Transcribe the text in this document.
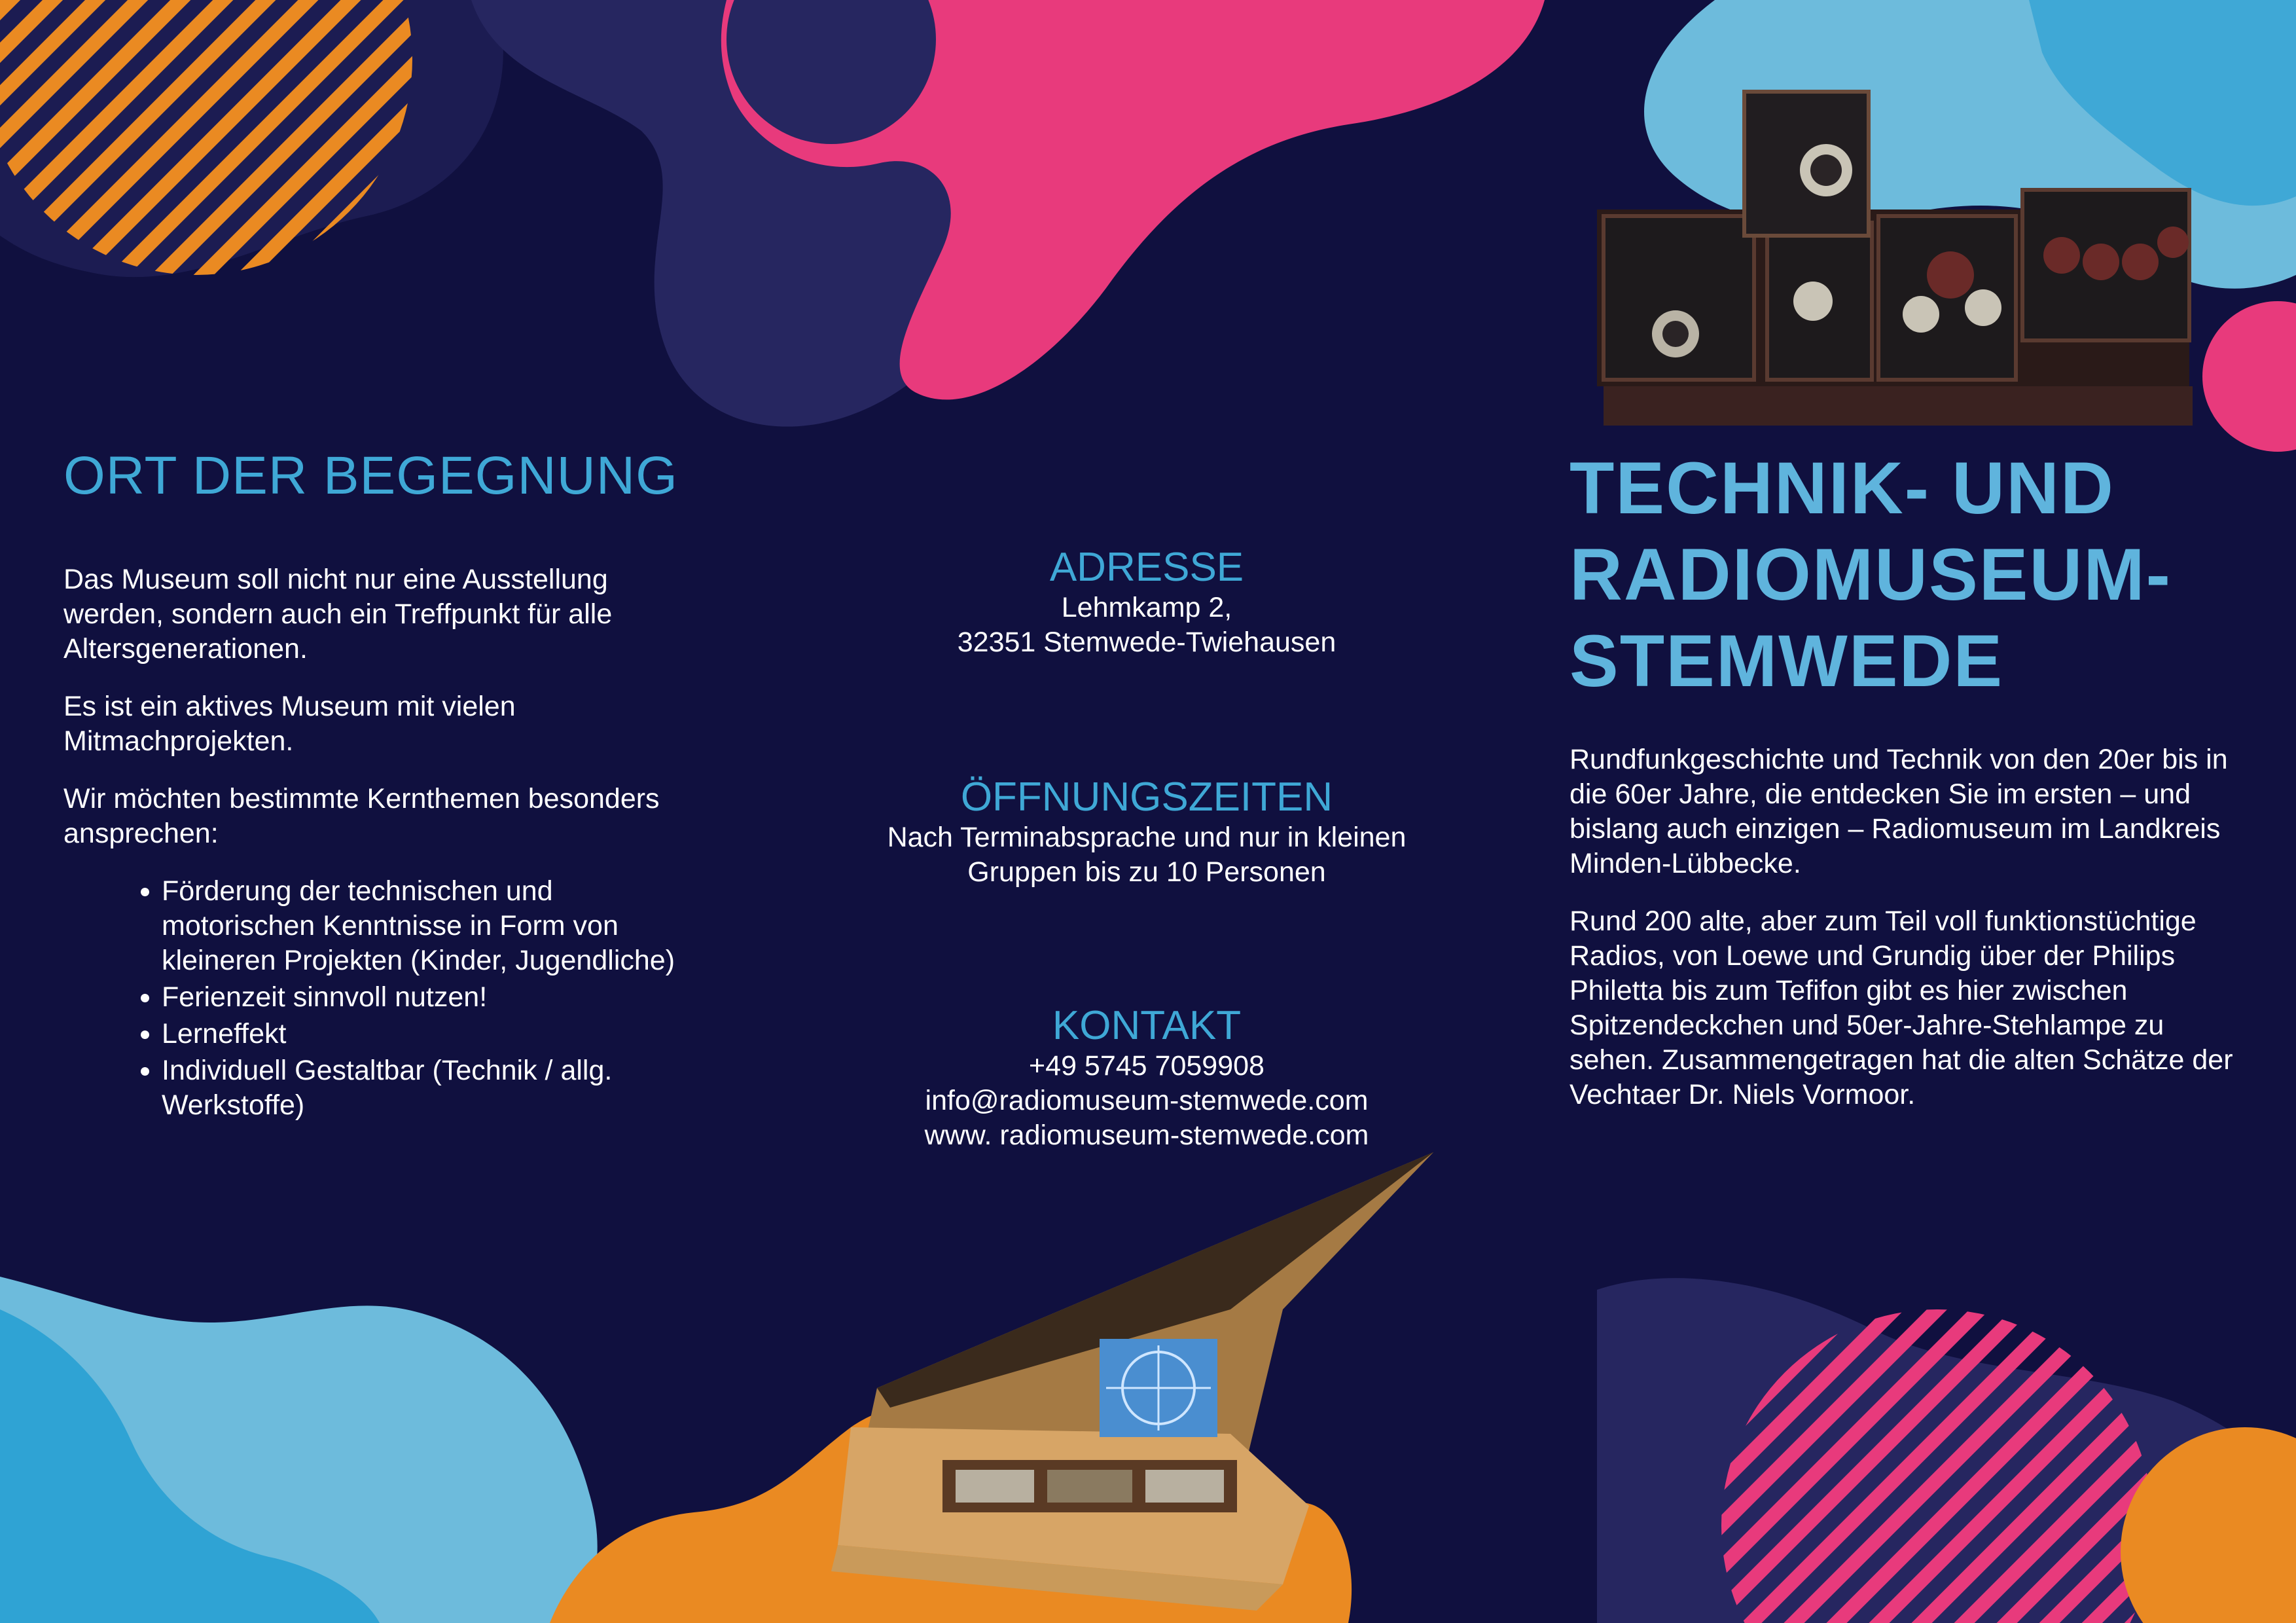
ORT DER BEGEGNUNG

Das Museum soll nicht nur eine Ausstellung werden, sondern auch ein Treffpunkt für alle Altersgenerationen.

Es ist ein aktives Museum mit vielen Mitmachprojekten.

Wir möchten bestimmte Kernthemen besonders ansprechen:

• Förderung der technischen und motorischen Kenntnisse in Form von kleineren Projekten (Kinder, Jugendliche)
• Ferienzeit sinnvoll nutzen!
• Lerneffekt
• Individuell Gestaltbar (Technik / allg. Werkstoffe)
ADRESSE
Lehmkamp 2,
32351 Stemwede-Twiehausen
ÖFFNUNGSZEITEN
Nach Terminabsprache und nur in kleinen
Gruppen bis zu 10 Personen
KONTAKT
+49 5745 7059908
info@radiomuseum-stemwede.com
www. radiomuseum-stemwede.com
TECHNIK- UND
RADIOMUSEUM-
STEMWEDE

Rundfunkgeschichte und Technik von den 20er bis in die 60er Jahre, die entdecken Sie im ersten – und bislang auch einzigen – Radiomuseum im Landkreis Minden-Lübbecke.

Rund 200 alte, aber zum Teil voll funktionstüchtige Radios, von Loewe und Grundig über der Philips Philetta bis zum Tefifon gibt es hier zwischen Spitzendeckchen und 50er-Jahre-Stehlampe zu sehen. Zusammengetragen hat die alten Schätze der Vechtaer Dr. Niels Vormoor.
